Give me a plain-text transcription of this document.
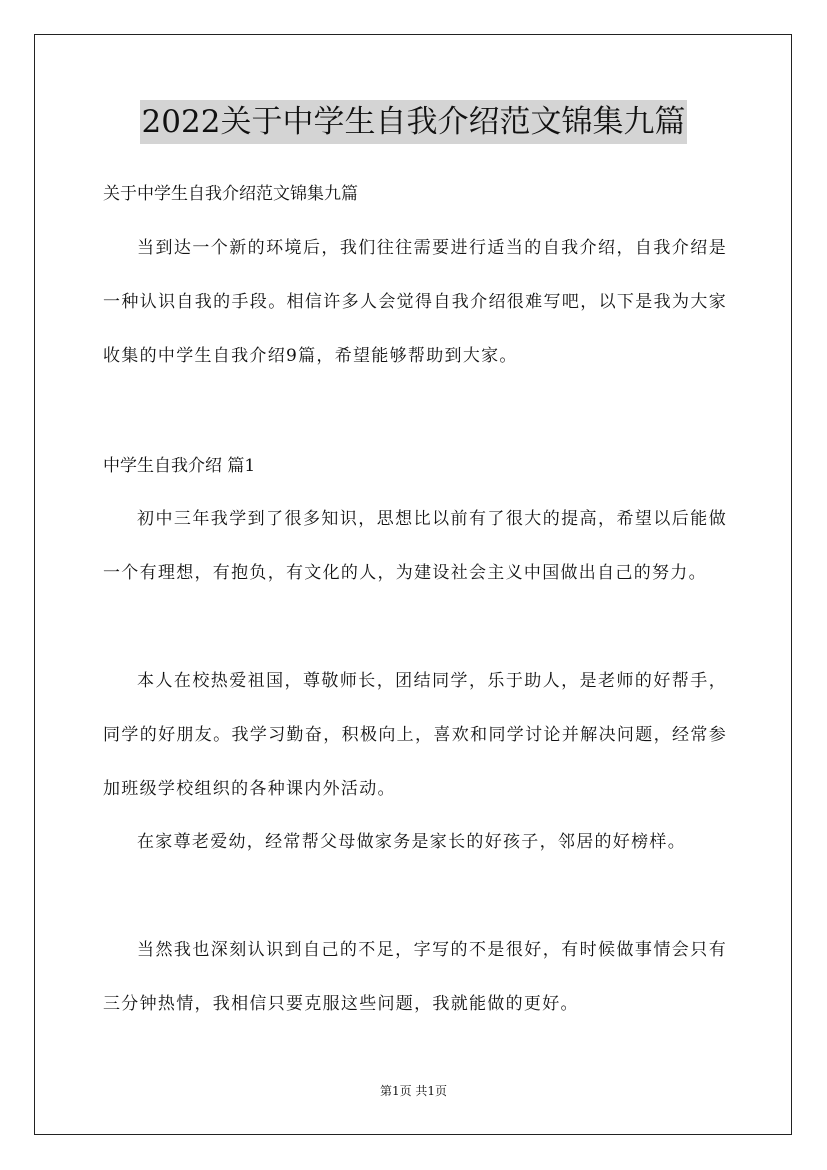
2022关于中学生自我介绍范文锦集九篇
关于中学生自我介绍范文锦集九篇

当到达一个新的环境后，我们往往需要进行适当的自我介绍，自我介绍是一种认识自我的手段。相信许多人会觉得自我介绍很难写吧，以下是我为大家收集的中学生自我介绍9篇，希望能够帮助到大家。

中学生自我介绍 篇1

初中三年我学到了很多知识，思想比以前有了很大的提高，希望以后能做一个有理想，有抱负，有文化的人，为建设社会主义中国做出自己的努力。

本人在校热爱祖国，尊敬师长，团结同学，乐于助人，是老师的好帮手，同学的好朋友。我学习勤奋，积极向上，喜欢和同学讨论并解决问题，经常参加班级学校组织的各种课内外活动。

在家尊老爱幼，经常帮父母做家务是家长的好孩子，邻居的好榜样。

当然我也深刻认识到自己的不足，字写的不是很好，有时候做事情会只有三分钟热情，我相信只要克服这些问题，我就能做的更好。

第1页 共1页
